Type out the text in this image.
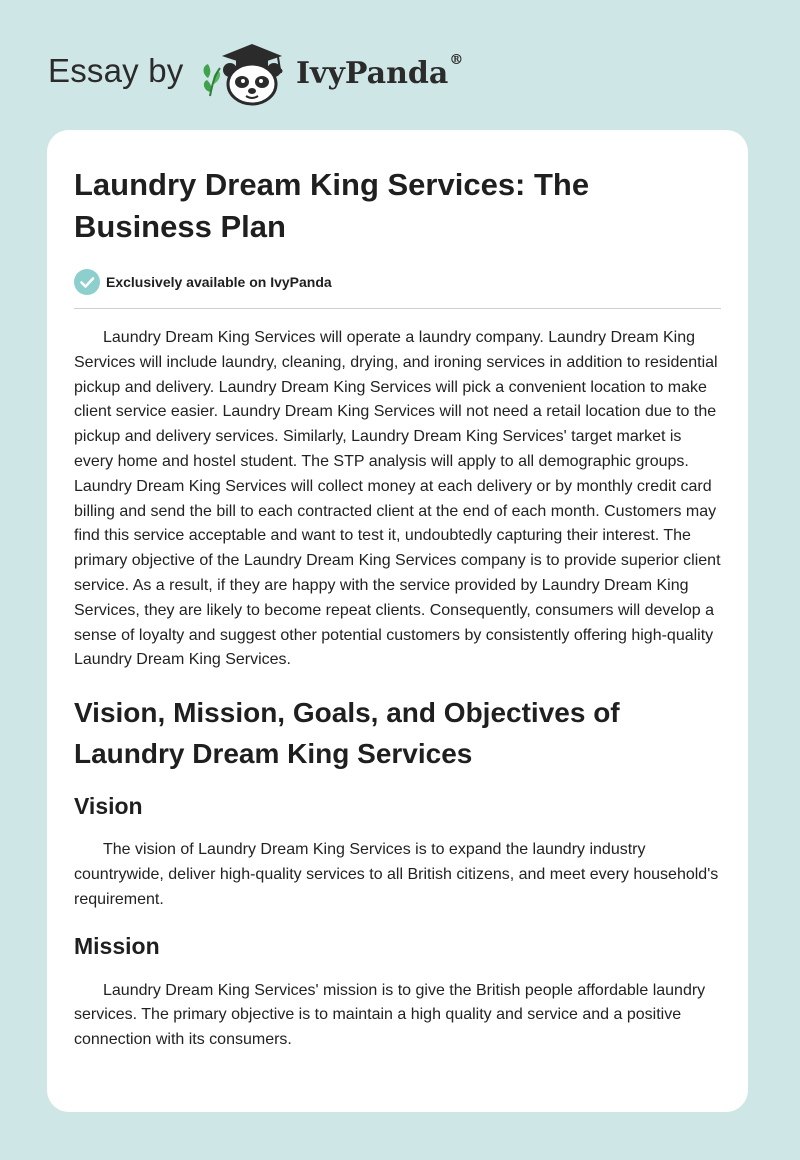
Essay by	IvyPanda®
Laundry Dream King Services: The Business Plan
Exclusively available on IvyPanda

Laundry Dream King Services will operate a laundry company. Laundry Dream King Services will include laundry, cleaning, drying, and ironing services in addition to residential pickup and delivery. Laundry Dream King Services will pick a convenient location to make client service easier. Laundry Dream King Services will not need a retail location due to the pickup and delivery services. Similarly, Laundry Dream King Services' target market is every home and hostel student. The STP analysis will apply to all demographic groups. Laundry Dream King Services will collect money at each delivery or by monthly credit card billing and send the bill to each contracted client at the end of each month. Customers may find this service acceptable and want to test it, undoubtedly capturing their interest. The primary objective of the Laundry Dream King Services company is to provide superior client service. As a result, if they are happy with the service provided by Laundry Dream King Services, they are likely to become repeat clients. Consequently, consumers will develop a sense of loyalty and suggest other potential customers by consistently offering high-quality Laundry Dream King Services.

Vision, Mission, Goals, and Objectives of Laundry Dream King Services
Vision

The vision of Laundry Dream King Services is to expand the laundry industry countrywide, deliver high-quality services to all British citizens, and meet every household's requirement.

Mission

Laundry Dream King Services' mission is to give the British people affordable laundry services. The primary objective is to maintain a high quality and service and a positive connection with its consumers.
